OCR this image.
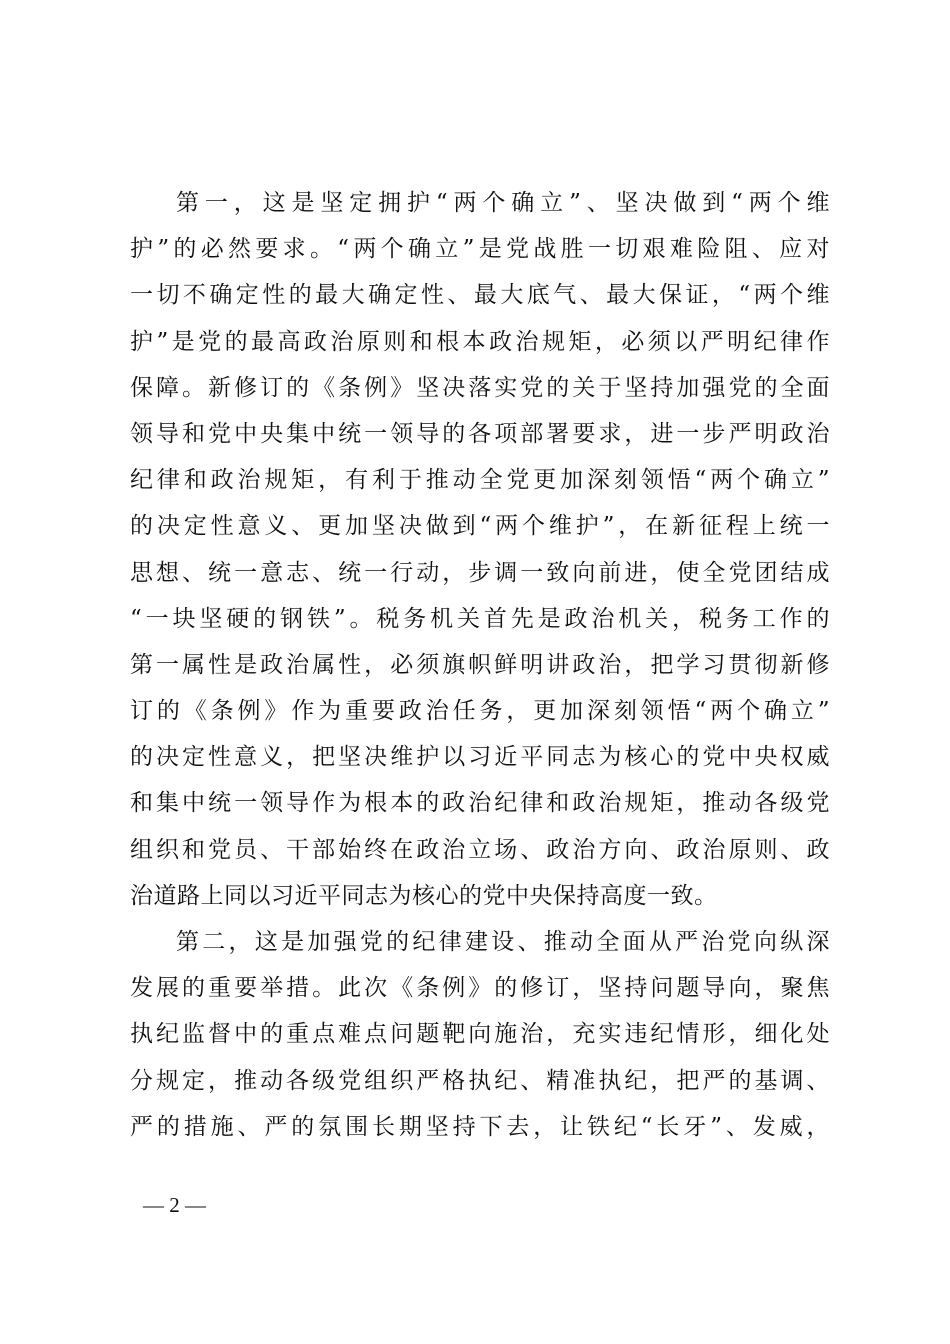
第一，这是坚定拥护“两个确立”、坚决做到“两个维
护”的必然要求。“两个确立”是党战胜一切艰难险阻、应对
一切不确定性的最大确定性、最大底气、最大保证，“两个维
护”是党的最高政治原则和根本政治规矩，必须以严明纪律作
保障。新修订的《条例》坚决落实党的关于坚持加强党的全面
领导和党中央集中统一领导的各项部署要求，进一步严明政治
纪律和政治规矩，有利于推动全党更加深刻领悟“两个确立”
的决定性意义、更加坚决做到“两个维护”，在新征程上统一
思想、统一意志、统一行动，步调一致向前进，使全党团结成
“一块坚硬的钢铁”。税务机关首先是政治机关，税务工作的
第一属性是政治属性，必须旗帜鲜明讲政治，把学习贯彻新修
订的《条例》作为重要政治任务，更加深刻领悟“两个确立”
的决定性意义，把坚决维护以习近平同志为核心的党中央权威
和集中统一领导作为根本的政治纪律和政治规矩，推动各级党
组织和党员、干部始终在政治立场、政治方向、政治原则、政
治道路上同以习近平同志为核心的党中央保持高度一致。
第二，这是加强党的纪律建设、推动全面从严治党向纵深
发展的重要举措。此次《条例》的修订，坚持问题导向，聚焦
执纪监督中的重点难点问题靶向施治，充实违纪情形，细化处
分规定，推动各级党组织严格执纪、精准执纪，把严的基调、
严的措施、严的氛围长期坚持下去，让铁纪“长牙”、发威，
— 2 —
